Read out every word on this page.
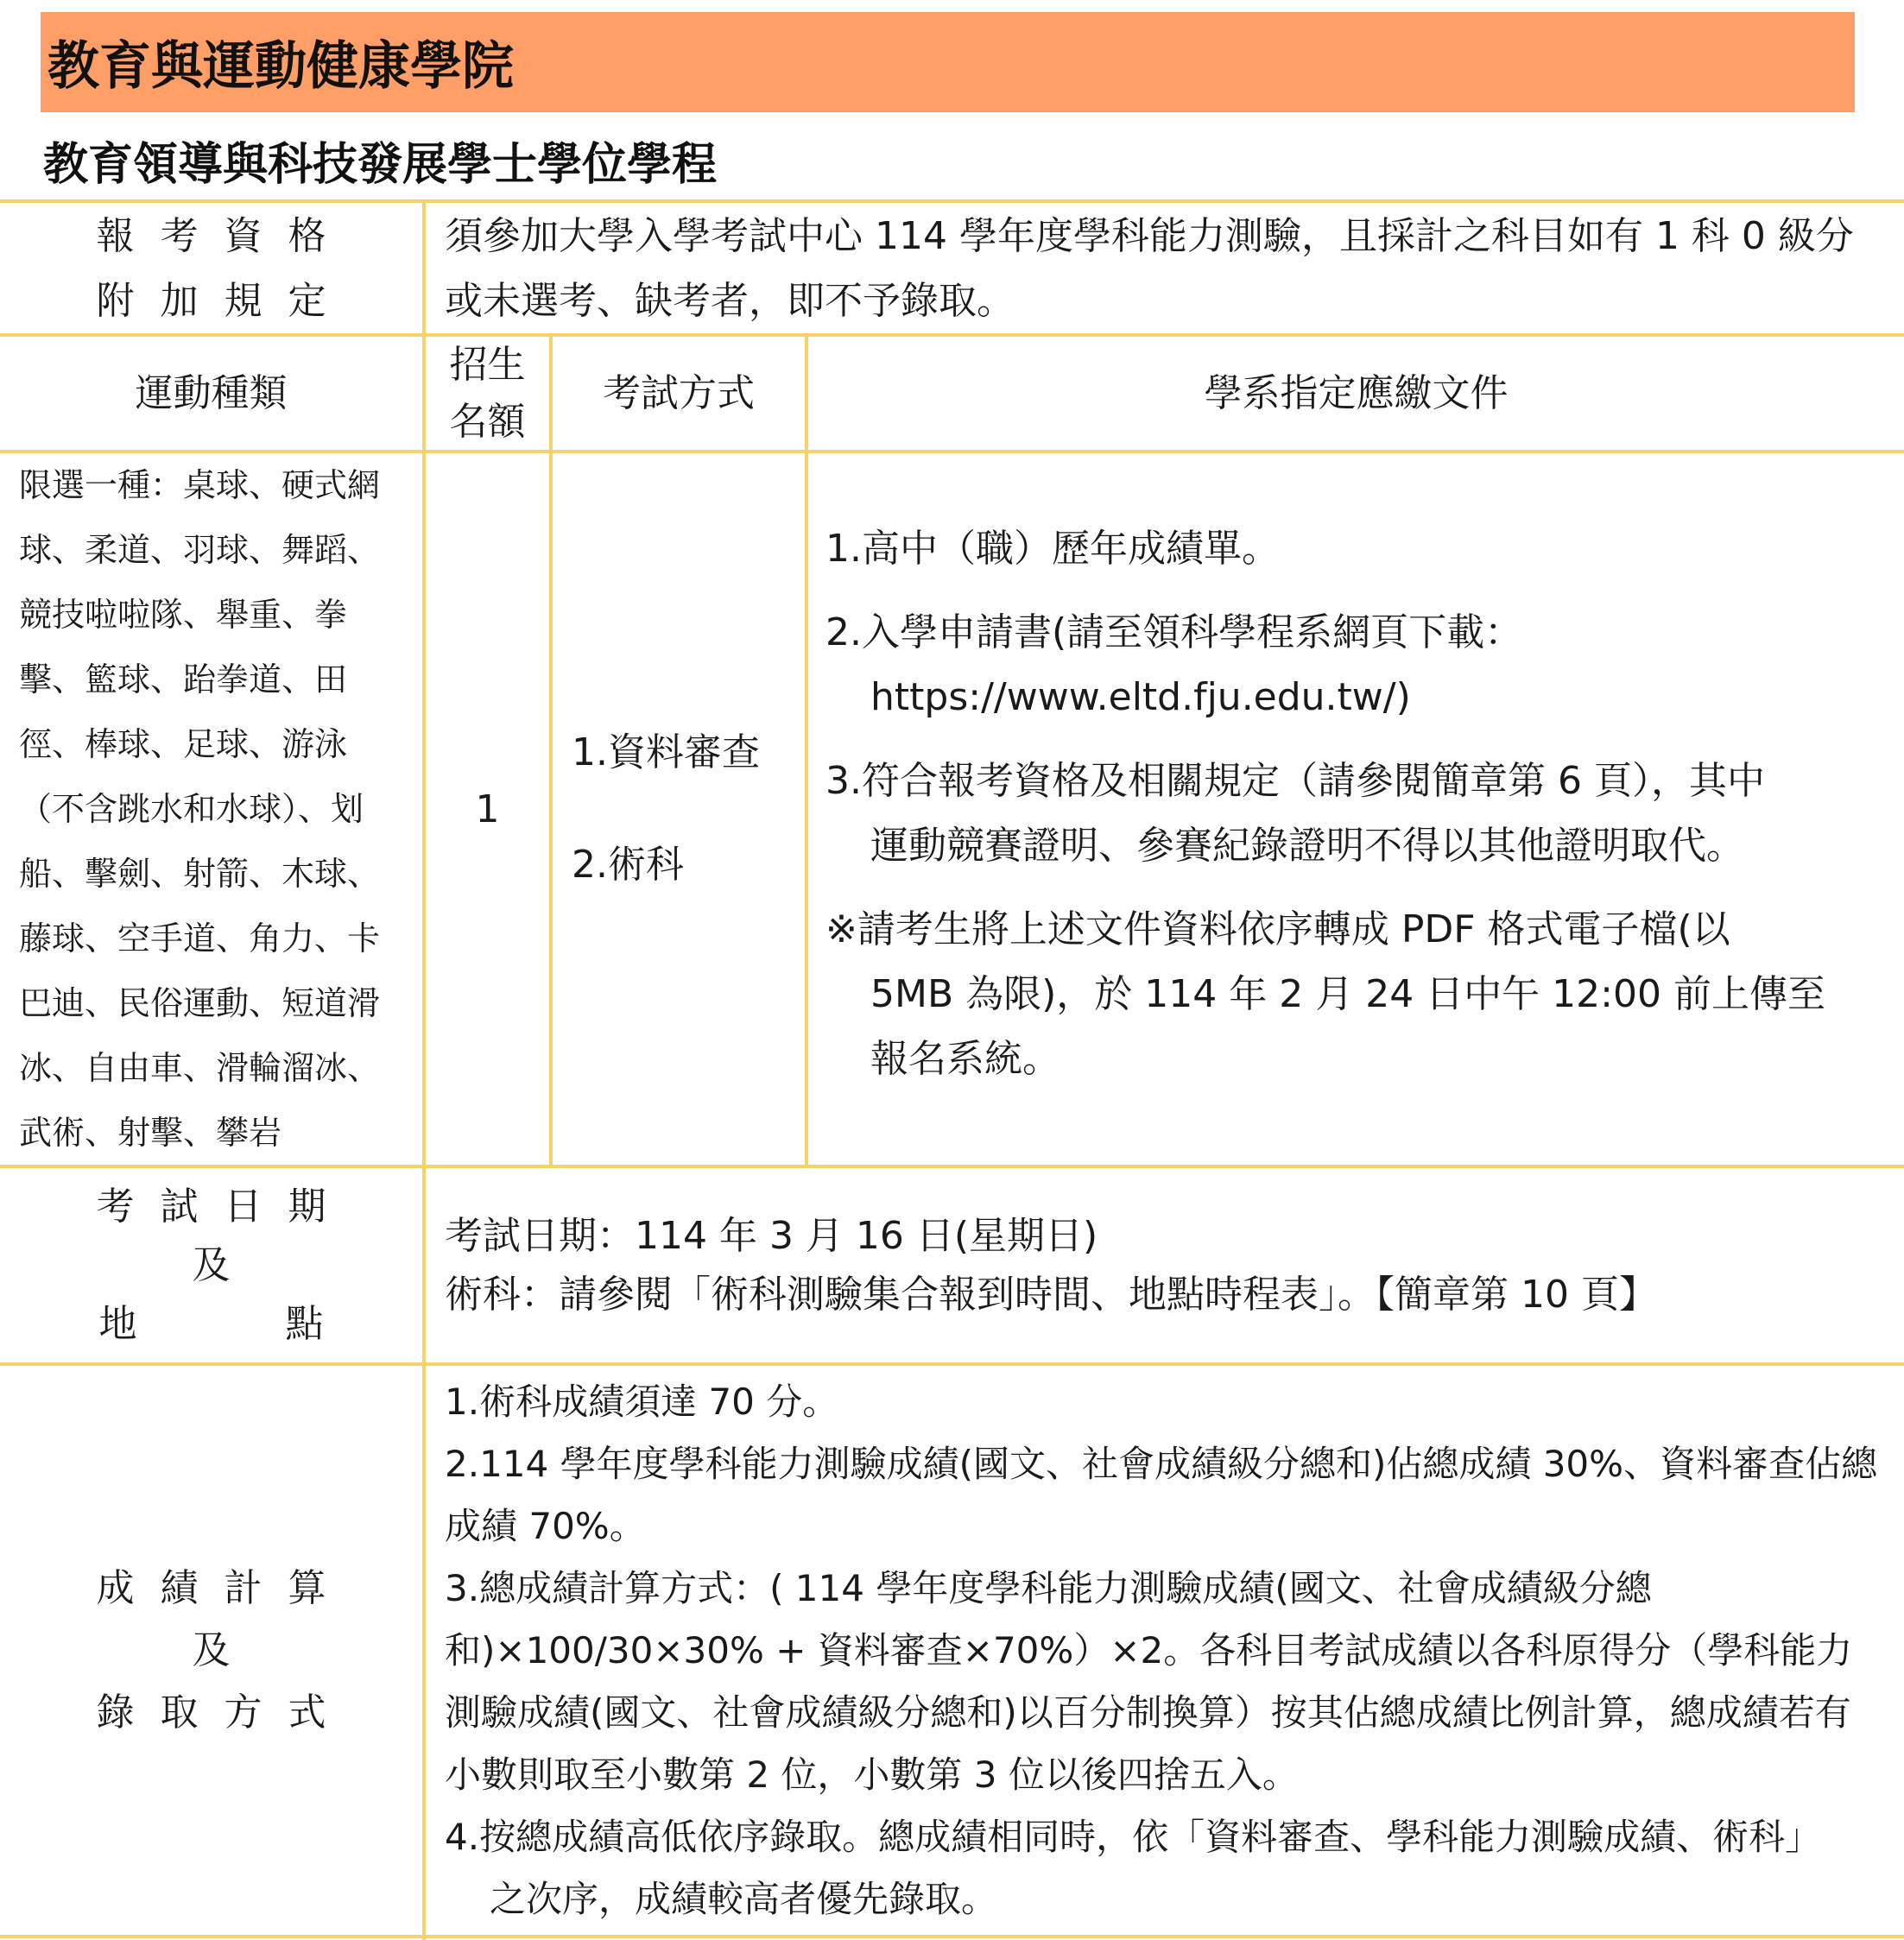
教育與運動健康學院
教育領導與科技發展學士學位學程
報考資格
附加規定
須參加大學入學考試中心 114 學年度學科能力測驗，且採計之科目如有 1 科 0 級分或未選考、缺考者，即不予錄取。
運動種類
招生
名額
考試方式	學系指定應繳文件
限選一種：桌球、硬式網球、柔道、羽球、舞蹈、競技啦啦隊、舉重、拳擊、籃球、跆拳道、田徑、棒球、足球、游泳（不含跳水和水球）、划船、擊劍、射箭、木球、藤球、空手道、角力、卡巴迪、民俗運動、短道滑冰、自由車、滑輪溜冰、武術、射擊、攀岩
1
1.資料審查
2.術科
1.高中（職）歷年成績單。
2.入學申請書(請至領科學程系網頁下載：
https://www.eltd.fju.edu.tw/)
3.符合報考資格及相關規定（請參閱簡章第 6 頁），其中
運動競賽證明、參賽紀錄證明不得以其他證明取代。
※請考生將上述文件資料依序轉成 PDF 格式電子檔(以
5MB 為限)，於 114 年 2 月 24 日中午 12:00 前上傳至
報名系統。
考試日期
及
地	點
考試日期：114 年 3 月 16 日(星期日)
術科：請參閱「術科測驗集合報到時間、地點時程表」。【簡章第 10 頁】
成績計算
及
錄取方式
1.術科成績須達 70 分。
2.114 學年度學科能力測驗成績(國文、社會成績級分總和)佔總成績 30%、資料審查佔總成績 70%。
3.總成績計算方式：( 114 學年度學科能力測驗成績(國文、社會成績級分總和)×100/30×30% + 資料審查×70%）×2。各科目考試成績以各科原得分（學科能力測驗成績(國文、社會成績級分總和)以百分制換算）按其佔總成績比例計算，總成績若有小數則取至小數第 2 位，小數第 3 位以後四捨五入。
4.按總成績高低依序錄取。總成績相同時，依「資料審查、學科能力測驗成績、術科」
之次序，成績較高者優先錄取。
